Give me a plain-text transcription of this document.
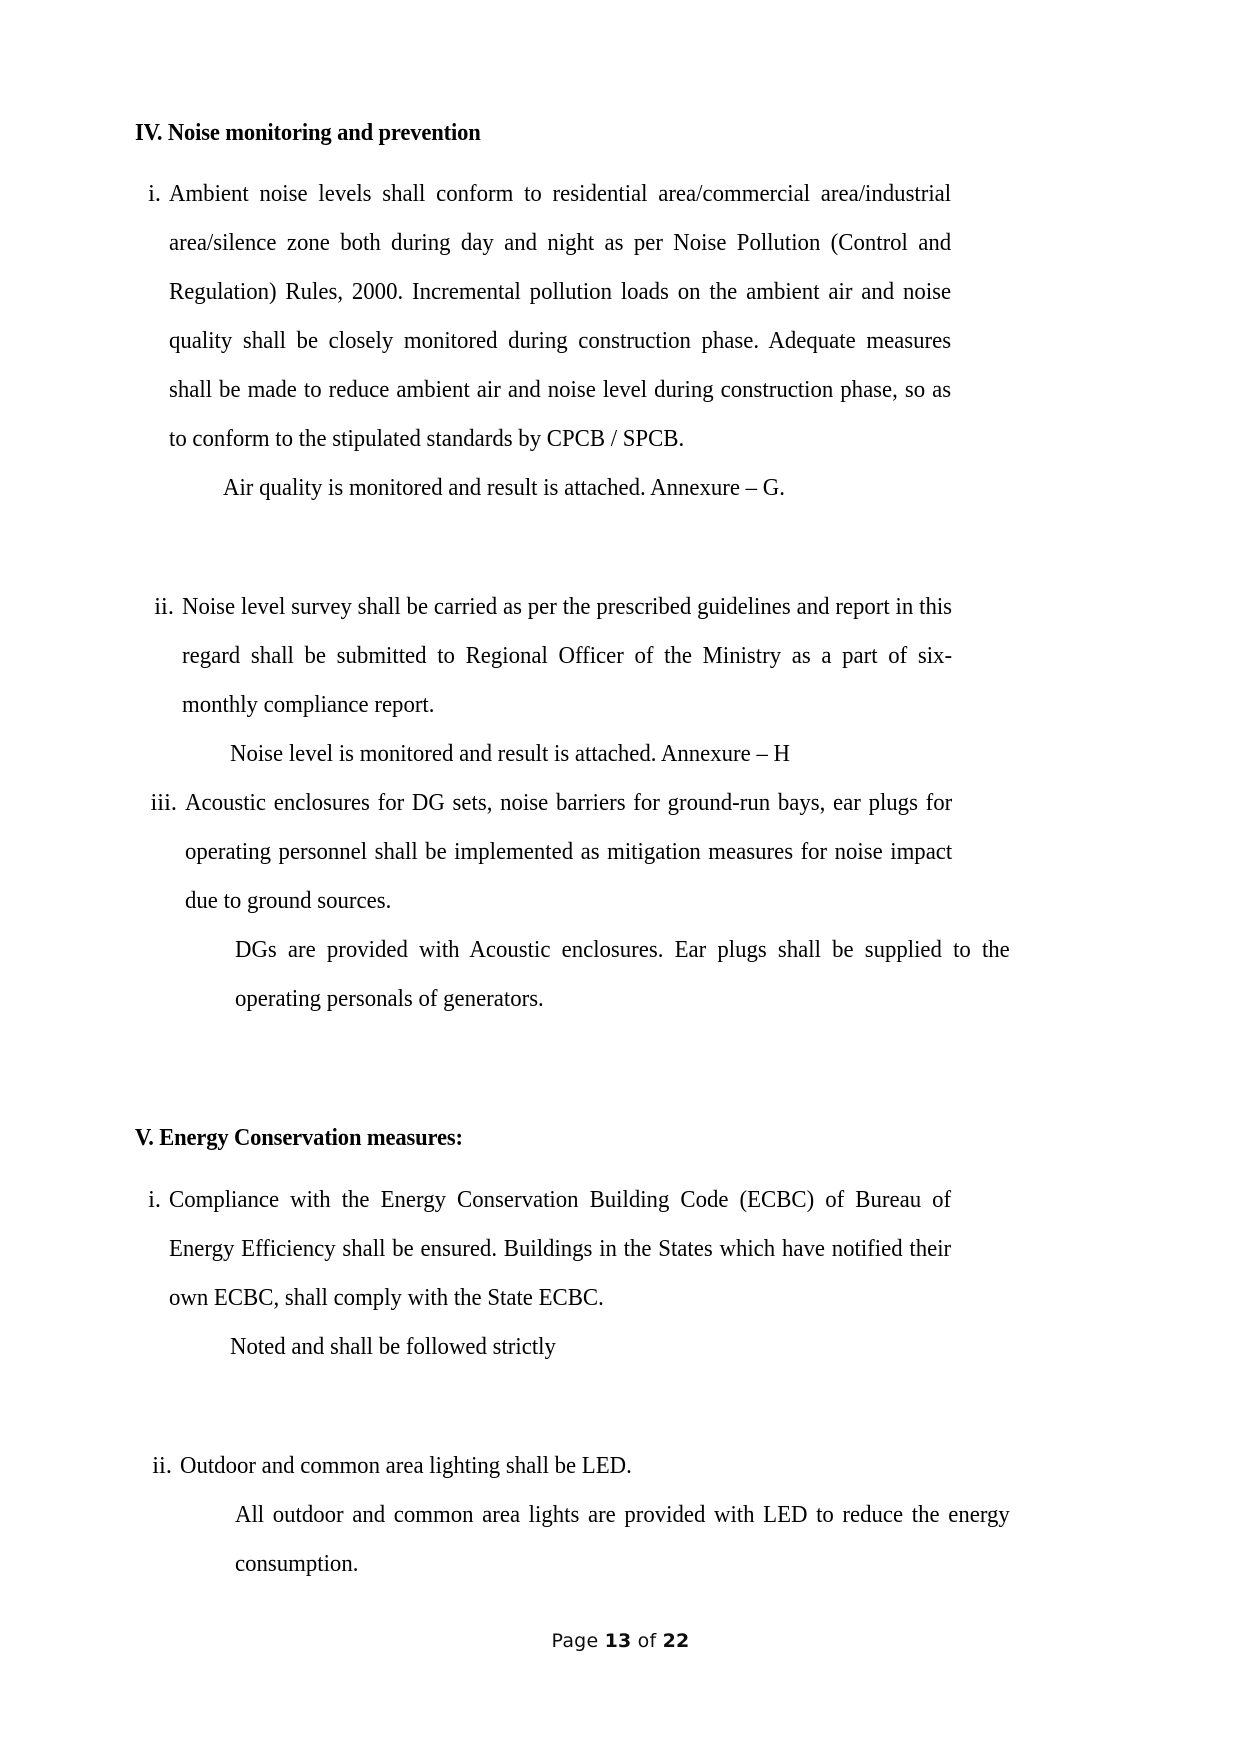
IV. Noise monitoring and prevention
i. Ambient noise levels shall conform to residential area/commercial area/industrial area/silence zone both during day and night as per Noise Pollution (Control and Regulation) Rules, 2000. Incremental pollution loads on the ambient air and noise quality shall be closely monitored during construction phase. Adequate measures shall be made to reduce ambient air and noise level during construction phase, so as to conform to the stipulated standards by CPCB / SPCB.
Air quality is monitored and result is attached. Annexure – G.
ii. Noise level survey shall be carried as per the prescribed guidelines and report in this regard shall be submitted to Regional Officer of the Ministry as a part of six-monthly compliance report.
Noise level is monitored and result is attached. Annexure – H
iii. Acoustic enclosures for DG sets, noise barriers for ground-run bays, ear plugs for operating personnel shall be implemented as mitigation measures for noise impact due to ground sources.
DGs are provided with Acoustic enclosures. Ear plugs shall be supplied to the operating personals of generators.
V. Energy Conservation measures:
i. Compliance with the Energy Conservation Building Code (ECBC) of Bureau of Energy Efficiency shall be ensured. Buildings in the States which have notified their own ECBC, shall comply with the State ECBC.
Noted and shall be followed strictly
ii. Outdoor and common area lighting shall be LED.
All outdoor and common area lights are provided with LED to reduce the energy consumption.
Page 13 of 22
